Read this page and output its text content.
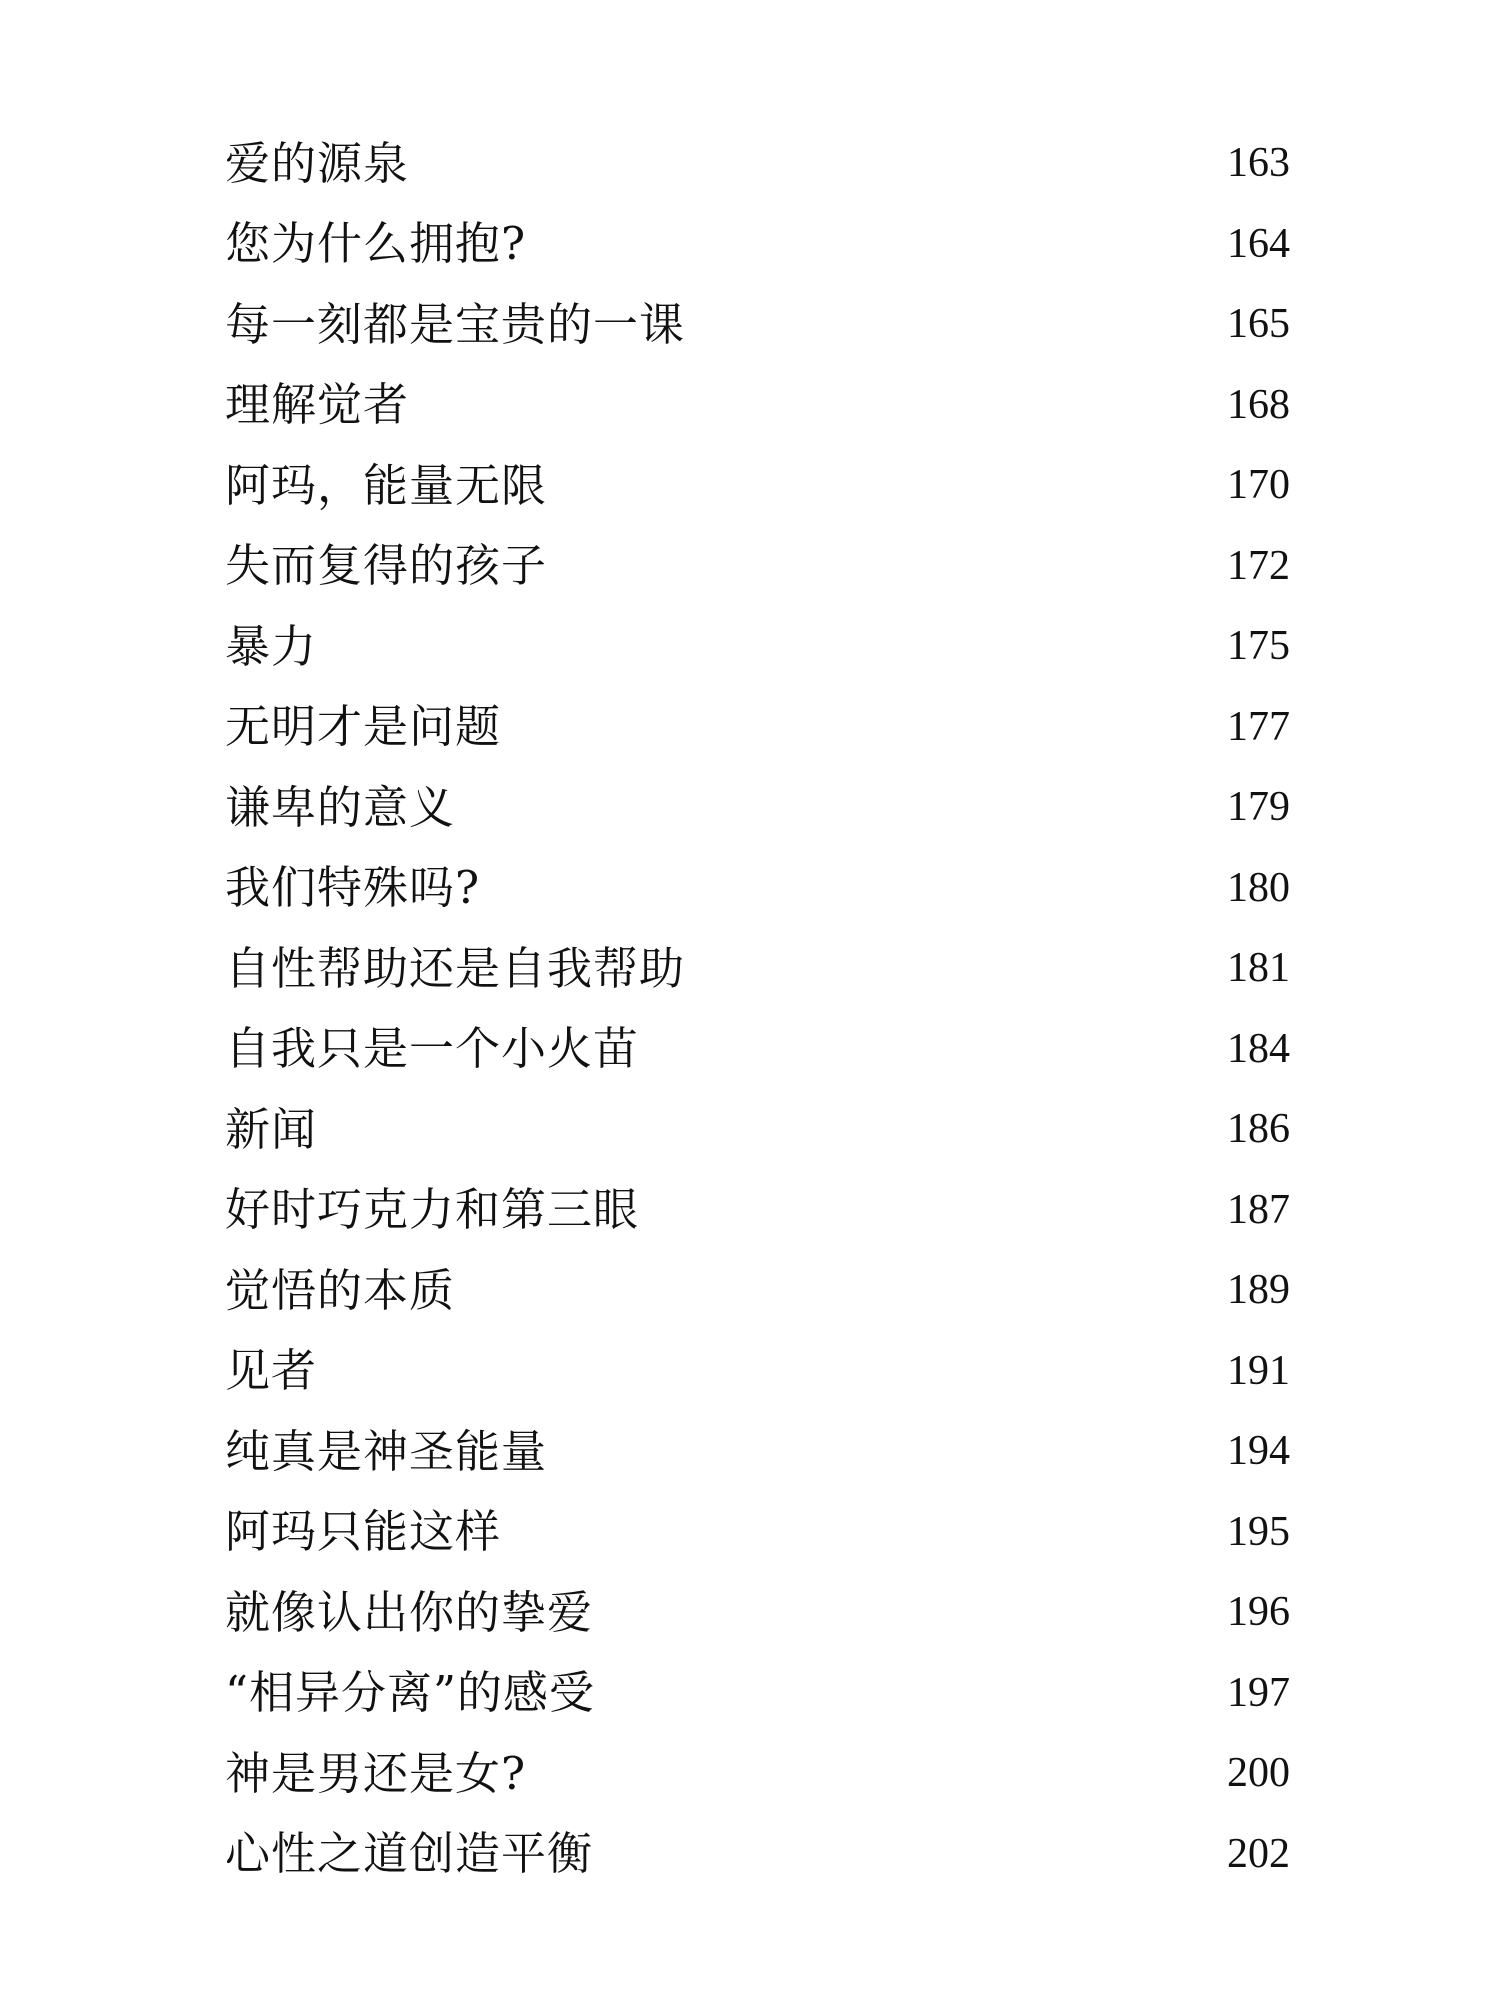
爱的源泉	163
您为什么拥抱?	164
每一刻都是宝贵的一课	165
理解觉者	168
阿玛，能量无限	170
失而复得的孩子	172
暴力	175
无明才是问题	177
谦卑的意义	179
我们特殊吗?	180
自性帮助还是自我帮助	181
自我只是一个小火苗	184
新闻	186
好时巧克力和第三眼	187
觉悟的本质	189
见者	191
纯真是神圣能量	194
阿玛只能这样	195
就像认出你的挚爱	196
“相异分离”的感受	197
神是男还是女?	200
心性之道创造平衡	202
